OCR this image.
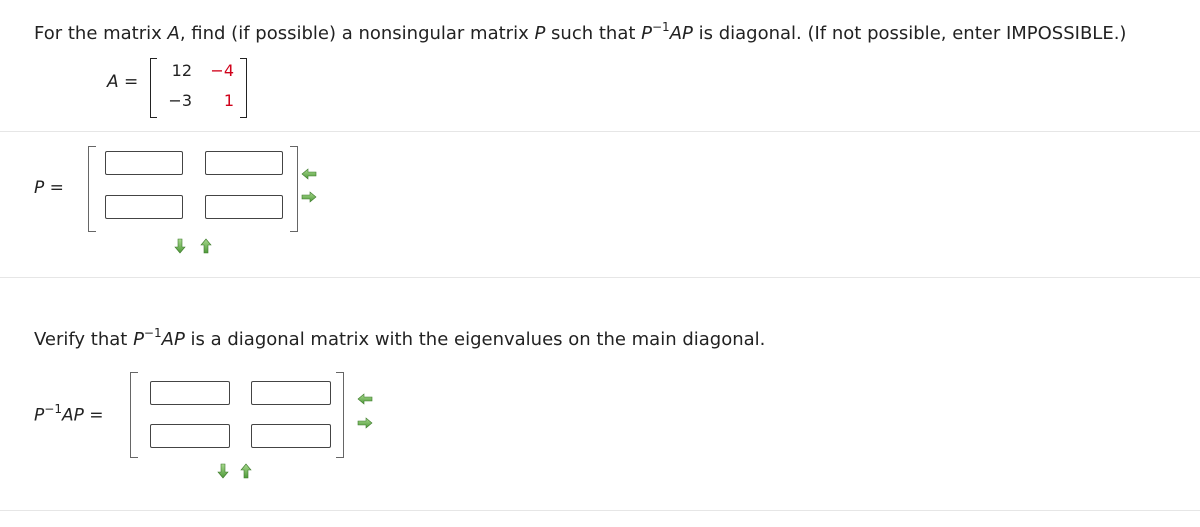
For the matrix A, find (if possible) a nonsingular matrix P such that $P^{-1}AP$ is diagonal. (If not possible, enter IMPOSSIBLE.)
A =
12	−4
−3	1
P =
Verify that $P^{-1}AP$ is a diagonal matrix with the eigenvalues on the main diagonal.
$P^{-1}AP$ =
